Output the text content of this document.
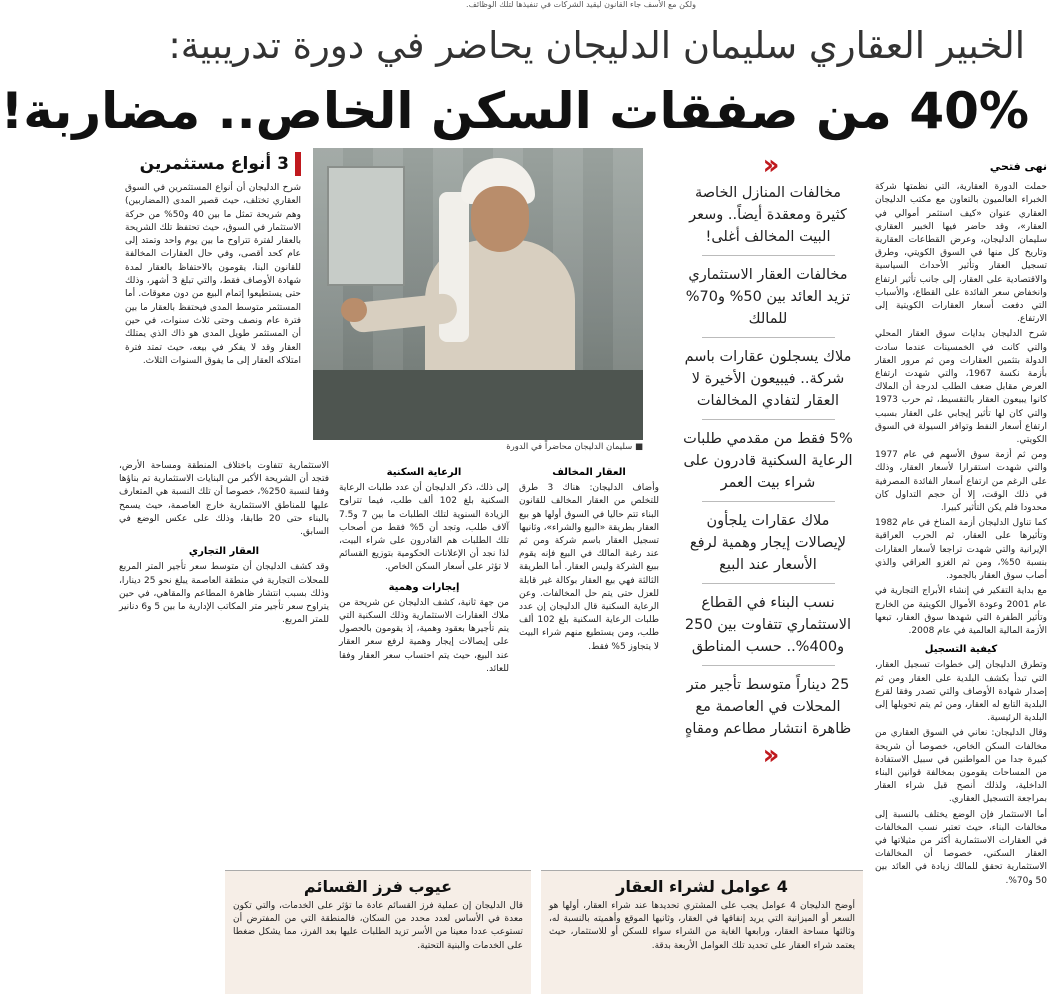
ولكن مع الأسف جاء القانون ليقيد الشركات في تنفيذها لتلك الوظائف.
الخبير العقاري سليمان الدليجان يحاضر في دورة تدريبية:
40% من صفقات السكن الخاص.. مضاربة!
نهى فتحي

حملت الدورة العقارية، التي نظمتها شركة الخبراء العالميون بالتعاون مع مكتب الدليجان العقاري عنوان «كيف استثمر أموالي في العقار»، وقد حاضر فيها الخبير العقاري سليمان الدليجان، وعرض القطاعات العقارية وتاريخ كل منها في السوق الكويتي، وطرق تسجيل العقار وتأثير الأحداث السياسية والاقتصادية على العقار، إلى جانب تأثير ارتفاع وانخفاض سعر الفائدة على القطاع، والأسباب التي دفعت أسعار العقارات الكويتية إلى الارتفاع.

شرح الدليجان بدايات سوق العقار المحلي والتي كانت في الخمسينات عندما سادت الدولة بتثمين العقارات ومن ثم مرور العقار بأزمة نكسة 1967، والتي شهدت ارتفاع العرض مقابل ضعف الطلب لدرجة أن الملاك كانوا يبيعون العقار بالتقسيط، ثم حرب 1973 والتي كان لها تأثير إيجابي على العقار بسبب ارتفاع أسعار النفط وتوافر السيولة في السوق الكويتي.

ومن ثم أزمة سوق الأسهم في عام 1977 والتي شهدت استقرارا لأسعار العقار، وذلك على الرغم من ارتفاع أسعار الفائدة المصرفية في ذلك الوقت، إلا أن حجم التداول كان محدودا فلم يكن التأثير كبيرا.

كما تناول الدليجان أزمة المناخ في عام 1982 وتأثيرها على العقار، ثم الحرب العراقية الإيرانية والتي شهدت تراجعا لأسعار العقارات بنسبة 50%، ومن ثم الغزو العراقي والذي أصاب سوق العقار بالجمود.

مع بداية التفكير في إنشاء الأبراج التجارية في عام 2001 وعودة الأموال الكويتية من الخارج وتأثير الطفرة التي شهدها سوق العقار، تبعها الأزمة المالية العالمية في عام 2008.

كيفية التسجيل

وتطرق الدليجان إلى خطوات تسجيل العقار، التي تبدأ بكشف البلدية على العقار ومن ثم إصدار شهادة الأوصاف والتي تصدر وفقا لقرع البلدية التابع له العقار، ومن ثم يتم تحويلها إلى البلدية الرئيسية.

وقال الدليجان: نعاني في السوق العقاري من مخالفات السكن الخاص، خصوصا أن شريحة كبيرة جدا من المواطنين في سبيل الاستفادة من المساحات يقومون بمخالفة قوانين البناء الداخلية، ولذلك أنصح قبل شراء العقار بمراجعة التسجيل العقاري.

أما الاستثمار فإن الوضع يختلف بالنسبة إلى مخالفات البناء، حيث تعتبر نسب المخالفات في العقارات الاستثمارية أكثر من مثيلاتها في العقار السكني، خصوصا أن المخالفات الاستثمارية تحقق للمالك زيادة في العائد بين 50 و70%.

‹‹
مخالفات المنازل الخاصة كثيرة ومعقدة أيضاً.. وسعر البيت المخالف أغلى!
مخالفات العقار الاستثماري تزيد العائد بين 50% و70% للمالك
ملاك يسجلون عقارات باسم شركة.. فيبيعون الأخيرة لا العقار لتفادي المخالفات
5% فقط من مقدمي طلبات الرعاية السكنية قادرون على شراء بيت العمر
ملاك عقارات يلجأون لإيصالات إيجار وهمية لرفع الأسعار عند البيع
نسب البناء في القطاع الاستثماري تتفاوت بين 250 و400%.. حسب المناطق
25 ديناراً متوسط تأجير متر المحلات في العاصمة مع ظاهرة انتشار مطاعم ومقاهٍ
‹‹
■ سليمان الدليجان محاضراً في الدورة
3 أنواع مستثمرين

شرح الدليجان أن أنواع المستثمرين في السوق العقاري تختلف، حيث قصير المدى (المضاربين) وهم شريحة تمثل ما بين 40 و50% من حركة الاستثمار في السوق، حيث تحتفظ تلك الشريحة بالعقار لفترة تتراوح ما بين يوم واحد وتمتد إلى عام كحد أقصى، وفي حال العقارات المخالفة للقانون البنا، يقومون بالاحتفاظ بالعقار لمدة شهادة الأوصاف فقط، والتي تبلغ 3 أشهر، وذلك حتى يستطيعوا إتمام البيع من دون معوقات. أما المستثمر متوسط المدى فيحتفظ بالعقار ما بين فترة عام ونصف وحتى ثلاث سنوات، في حين أن المستثمر طويل المدى هو ذاك الذي يمتلك العقار وقد لا يفكر في بيعه، حيث تمتد فترة امتلاكه العقار إلى ما يفوق السنوات الثلاث.

العقار المخالف

وأضاف الدليجان: هناك 3 طرق للتخلص من العقار المخالف للقانون البناء تتم حاليا في السوق أولها هو بيع العقار بطريقة «البيع والشراء»، وثانيها تسجيل العقار باسم شركة ومن ثم عند رغبة المالك في البيع فإنه يقوم ببيع الشركة وليس العقار. أما الطريقة الثالثة فهي بيع العقار بوكالة غير قابلة للعزل حتى يتم حل المخالفات. وعن الرعاية السكنية قال الدليجان إن عدد طلبات الرعاية السكنية بلغ 102 ألف طلب، ومن يستطيع منهم شراء البيت لا يتجاوز 5% فقط.

الرعاية السكنية

إلى ذلك، ذكر الدليجان أن عدد طلبات الرعاية السكنية بلغ 102 ألف طلب، فيما تتراوح الزيادة السنوية لتلك الطلبات ما بين 7 و7.5 آلاف طلب، وتجد أن 5% فقط من أصحاب تلك الطلبات هم القادرون على شراء البيت، لذا نجد أن الإعلانات الحكومية بتوزيع القسائم لا تؤثر على أسعار السكن الخاص.

إيجارات وهمية

من جهة ثانية، كشف الدليجان عن شريحة من ملاك العقارات الاستثمارية وذلك السكنية التي يتم تأجيرها بعقود وهمية، إذ يقومون بالحصول على إيصالات إيجار وهمية لرفع سعر العقار عند البيع، حيث يتم احتساب سعر العقار وفقا للعائد.

الاستثمارية تتفاوت باختلاف المنطقة ومساحة الأرض، فتجد أن الشريحة الأكبر من البنايات الاستثمارية تم بناؤها وفقا لنسبة 250%، خصوصا أن تلك النسبة هي المتعارف عليها للمناطق الاستثمارية خارج العاصمة، حيث يسمح بالبناء حتى 20 طابقا، وذلك على عكس الوضع في السابق.

العقار التجاري

وقد كشف الدليجان أن متوسط سعر تأجير المتر المربع للمحلات التجارية في منطقة العاصمة يبلغ نحو 25 دينارا، وذلك بسبب انتشار ظاهرة المطاعم والمقاهي، في حين يتراوح سعر تأجير متر المكاتب الإدارية ما بين 5 و6 دنانير للمتر المربع.

4 عوامل لشراء العقار

أوضح الدليجان 4 عوامل يجب على المشتري تحديدها عند شراء العقار، أولها هو السعر أو الميزانية التي يريد إنفاقها في العقار، وثانيها الموقع وأهميته بالنسبة له، وثالثها مساحة العقار، ورابعها الغاية من الشراء سواء للسكن أو للاستثمار، حيث يعتمد شراء العقار على تحديد تلك العوامل الأربعة بدقة.

عيوب فرز القسائم

قال الدليجان إن عملية فرز القسائم عادة ما تؤثر على الخدمات، والتي تكون معدة في الأساس لعدد محدد من السكان، فالمنطقة التي من المفترض أن تستوعب عددا معينا من الأسر تزيد الطلبات عليها بعد الفرز، مما يشكل ضغطا على الخدمات والبنية التحتية.
